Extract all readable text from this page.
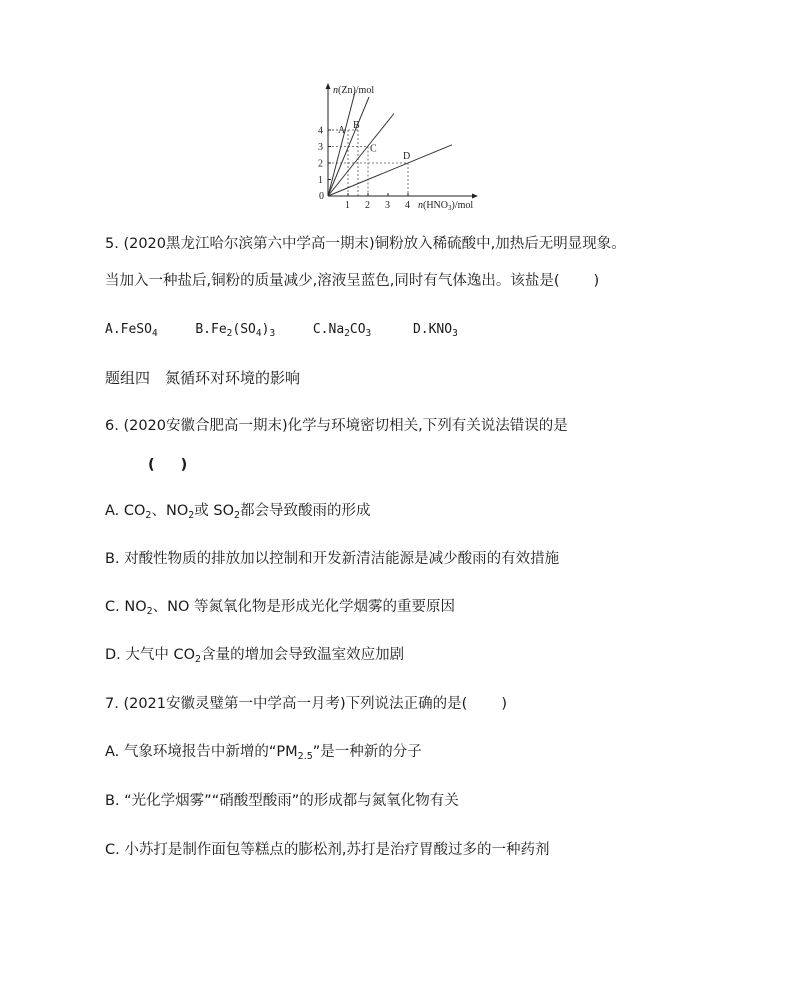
A B
C
D
1 2 3 4
1
2
3
4
n(Zn)/mol
$n(HNO_3)$/mol
0
5. (2020黑龙江哈尔滨第六中学高一期末)铜粉放入稀硫酸中,加热后无明显现象。
当加入一种盐后,铜粉的质量减少,溶液呈蓝色,同时有气体逸出。该盐是( )
A.FeSO$_4$	$B.Fe_2(SO_4)_3$	$C.Na_2CO_3$	$D.KNO_3$
题组四　氮循环对环境的影响
6. (2020安徽合肥高一期末)化学与环境密切相关,下列有关说法错误的是
( )
A. $CO_2$、$NO_2$或 $SO_2$都会导致酸雨的形成
B. 对酸性物质的排放加以控制和开发新清洁能源是减少酸雨的有效措施
C. $NO_2$、NO 等氮氧化物是形成光化学烟雾的重要原因
D. 大气中 $CO_2$含量的增加会导致温室效应加剧
7. (2021安徽灵璧第一中学高一月考)下列说法正确的是( )
A. 气象环境报告中新增的“$PM_{2.5}$”是一种新的分子
B. “光化学烟雾”“硝酸型酸雨”的形成都与氮氧化物有关
C. 小苏打是制作面包等糕点的膨松剂,苏打是治疗胃酸过多的一种药剂
